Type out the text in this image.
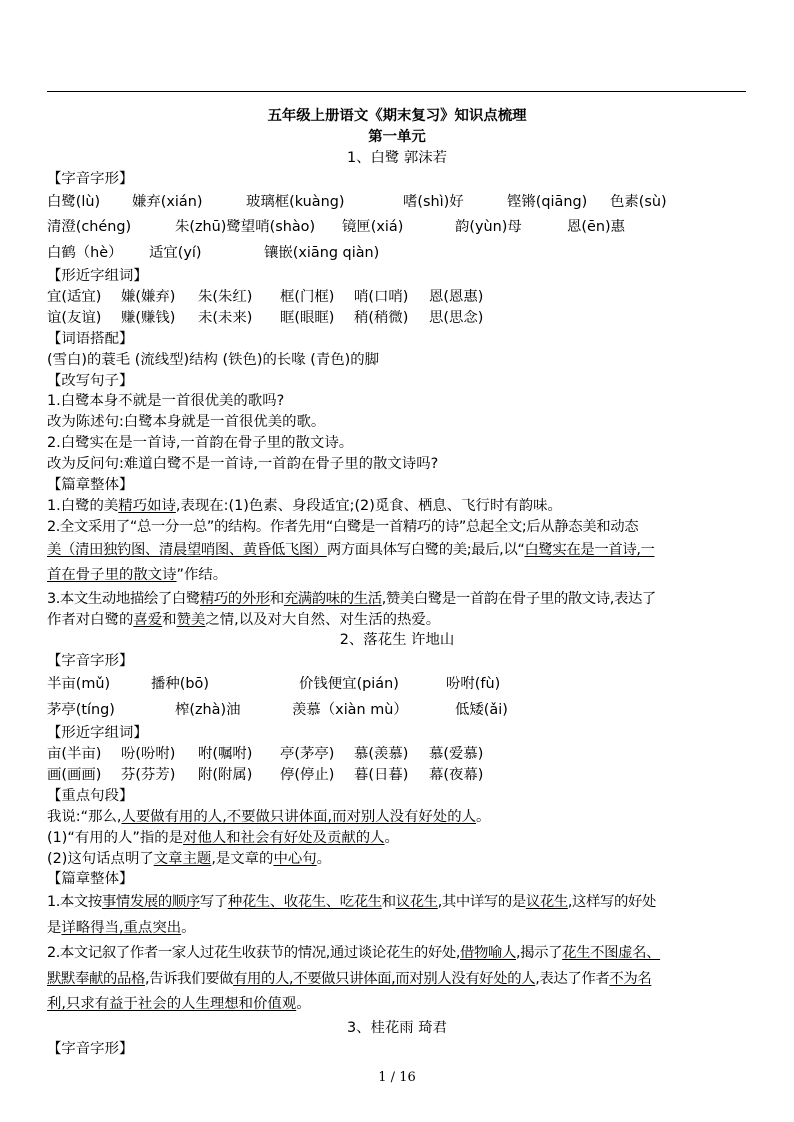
五年级上册语文《期末复习》知识点梳理
第一单元
1、白鹭 郭沫若
【字音字形】
白鹭(lù)	嫌弃(xián)	玻璃框(kuàng)	嗜(shì)好	铿锵(qiāng)	色素(sù)
清澄(chéng)	朱(zhū)鹭望哨(shào)	镜匣(xiá)	韵(yùn)母	恩(ēn)惠
白鹤（hè）	适宜(yí)	镶嵌(xiāng qiàn)
【形近字组词】
宜(适宜)	嫌(嫌弃)	朱(朱红)	框(门框)	哨(口哨)	恩(恩惠)
谊(友谊)	赚(赚钱)	未(未来)	眶(眼眶)	稍(稍微)	思(思念)
【词语搭配】
(雪白)的蓑毛 (流线型)结构 (铁色)的长喙 (青色)的脚
【改写句子】
1.白鹭本身不就是一首很优美的歌吗?
改为陈述句:白鹭本身就是一首很优美的歌。
2.白鹭实在是一首诗,一首韵在骨子里的散文诗。
改为反问句:难道白鹭不是一首诗,一首韵在骨子里的散文诗吗?
【篇章整体】
1.白鹭的美精巧如诗,表现在:(1)色素、身段适宜;(2)觅食、栖息、飞行时有韵味。
2.全文采用了“总一分一总”的结构。作者先用“白鹭是一首精巧的诗”总起全文;后从静态美和动态
美（清田独钓图、清晨望哨图、黄昏低飞图）两方面具体写白鹭的美;最后,以“白鹭实在是一首诗,一
首在骨子里的散文诗”作结。
3.本文生动地描绘了白鹭精巧的外形和充满韵味的生活,赞美白鹭是一首韵在骨子里的散文诗,表达了
作者对白鹭的喜爱和赞美之情,以及对大自然、对生活的热爱。
2、落花生 许地山
【字音字形】
半亩(mǔ)	播种(bō)	价钱便宜(pián)	吩咐(fù)
茅亭(tíng)	榨(zhà)油	羡慕（xiàn mù）	低矮(ǎi)
【形近字组词】
亩(半亩)	吩(吩咐)	咐(嘱咐)	亭(茅亭)	慕(羡慕)	慕(爱慕)
画(画画)	芬(芬芳)	附(附属)	停(停止)	暮(日暮)	幕(夜幕)
【重点句段】
我说:“那么,人要做有用的人,不要做只讲体面,而对别人没有好处的人。
(1)“有用的人”指的是对他人和社会有好处及贡献的人。
(2)这句话点明了文章主题,是文章的中心句。
【篇章整体】
1.本文按事情发展的顺序写了种花生、收花生、吃花生和议花生,其中详写的是议花生,这样写的好处
是详略得当,重点突出。
2.本文记叙了作者一家人过花生收获节的情况,通过谈论花生的好处,借物喻人,揭示了花生不图虚名、
默默奉献的品格,告诉我们要做有用的人,不要做只讲体面,而对别人没有好处的人,表达了作者不为名
利,只求有益于社会的人生理想和价值观。
3、桂花雨 琦君
【字音字形】
1 / 16
